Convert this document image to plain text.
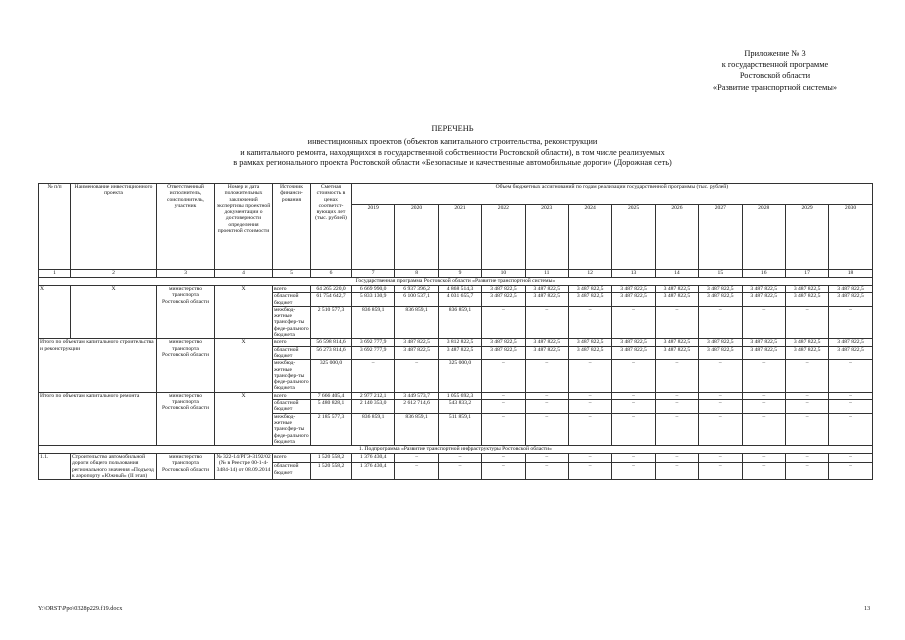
Приложение № 3
к государственной программе
Ростовской области
«Развитие транспортной системы»
ПЕРЕЧЕНЬ
инвестиционных проектов (объектов капитального строительства, реконструкции
и капитального ремонта, находящихся в государственной собственности Ростовской области), в том числе реализуемых
в рамках регионального проекта Ростовской области «Безопасные и качественные автомобильные дороги» (Дорожная сеть)
№ п/п	Наименование инвестиционного проекта	Ответственный исполнитель, соисполнитель, участник	Номер и дата положительных заключений экспертизы проектной документации о достоверности определения проектной стоимости	Источник финанси-рования	Сметная стоимость в ценах соответст-вующих лет (тыс. рублей)	Объем бюджетных ассигнований по годам реализации государственной программы (тыс. рублей)											
						2019	2020	2021	2022	2023	2024	2025	2026	2027	2028	2029	2030
1	2	3	4	5	6	7	8	9	10	11	12	13	14	15	16	17	18
Государственная программа Ростовской области «Развитие транспортной системы»																	
X	X	министерство транспорта Ростовской области	X	всего	64 265 220,0	6 669 990,0	6 937 396,2	4 868 514,3	3 487 822,5	3 487 822,5	3 487 822,5	3 487 822,5	3 487 822,5	3 487 822,5	3 487 822,5	3 487 822,5	3 487 822,5
				областной бюджет	61 754 642,7	5 833 130,9	6 100 537,1	4 031 655,7	3 487 822,5	3 487 822,5	3 487 822,5	3 487 822,5	3 487 822,5	3 487 822,5	3 487 822,5	3 487 822,5	3 487 822,5
				межбюд-жетные трансфер-ты феде-рального бюджета	2 510 577,3	836 859,1	836 859,1	836 859,1	–	–	–	–	–	–	–	–	–
Итого по объектам капитального строительства и реконструкции		министерство транспорта Ростовской области	X	всего	56 598 814,6	3 692 777,9	3 487 822,5	3 812 822,5	3 487 822,5	3 487 822,5	3 487 822,5	3 487 822,5	3 487 822,5	3 487 822,5	3 487 822,5	3 487 822,5	3 487 822,5
				областной бюджет	56 273 814,6	3 692 777,9	3 487 822,5	3 487 822,5	3 487 822,5	3 487 822,5	3 487 822,5	3 487 822,5	3 487 822,5	3 487 822,5	3 487 822,5	3 487 822,5	3 487 822,5
				межбюд-жетные трансфер-ты феде-рального бюджета	325 000,0	–	–	325 000,0	–	–	–	–	–	–	–	–	–
Итого по объектам капитального ремонта		министерство транспорта Ростовской области	X	всего	7 666 405,4	2 977 212,1	3 449 573,7	1 055 692,3	–	–	–	–	–	–	–	–	–
				областной бюджет	5 480 828,1	2 140 353,0	2 612 714,6	543 833,2	–	–	–	–	–	–	–	–	–
				межбюд-жетные трансфер-ты феде-рального бюджета	2 185 577,3	836 859,1	836 859,1	511 859,1	–	–	–	–	–	–	–	–	–
1. Подпрограмма «Развитие транспортной инфраструктуры Ростовской области»																	
1.1.	Строительство автомобильной дороги общего пользования регионального значения «Подъезд к аэропорту «Южный» (II этап)	министерство транспорта Ростовской области	№ 322-14/РГЭ-3192/02 (№ в Реестре 00-1-4-3484-14) от 08.09.2014	всего	1 520 558,2	1 376 430,4	–	–	–	–	–	–	–	–	–	–	–
				областной бюджет	1 520 558,2	1 376 430,4	–	–	–	–	–	–	–	–	–	–	–
Y:\ORST\Ppo\0328p229.f19.docx	13
